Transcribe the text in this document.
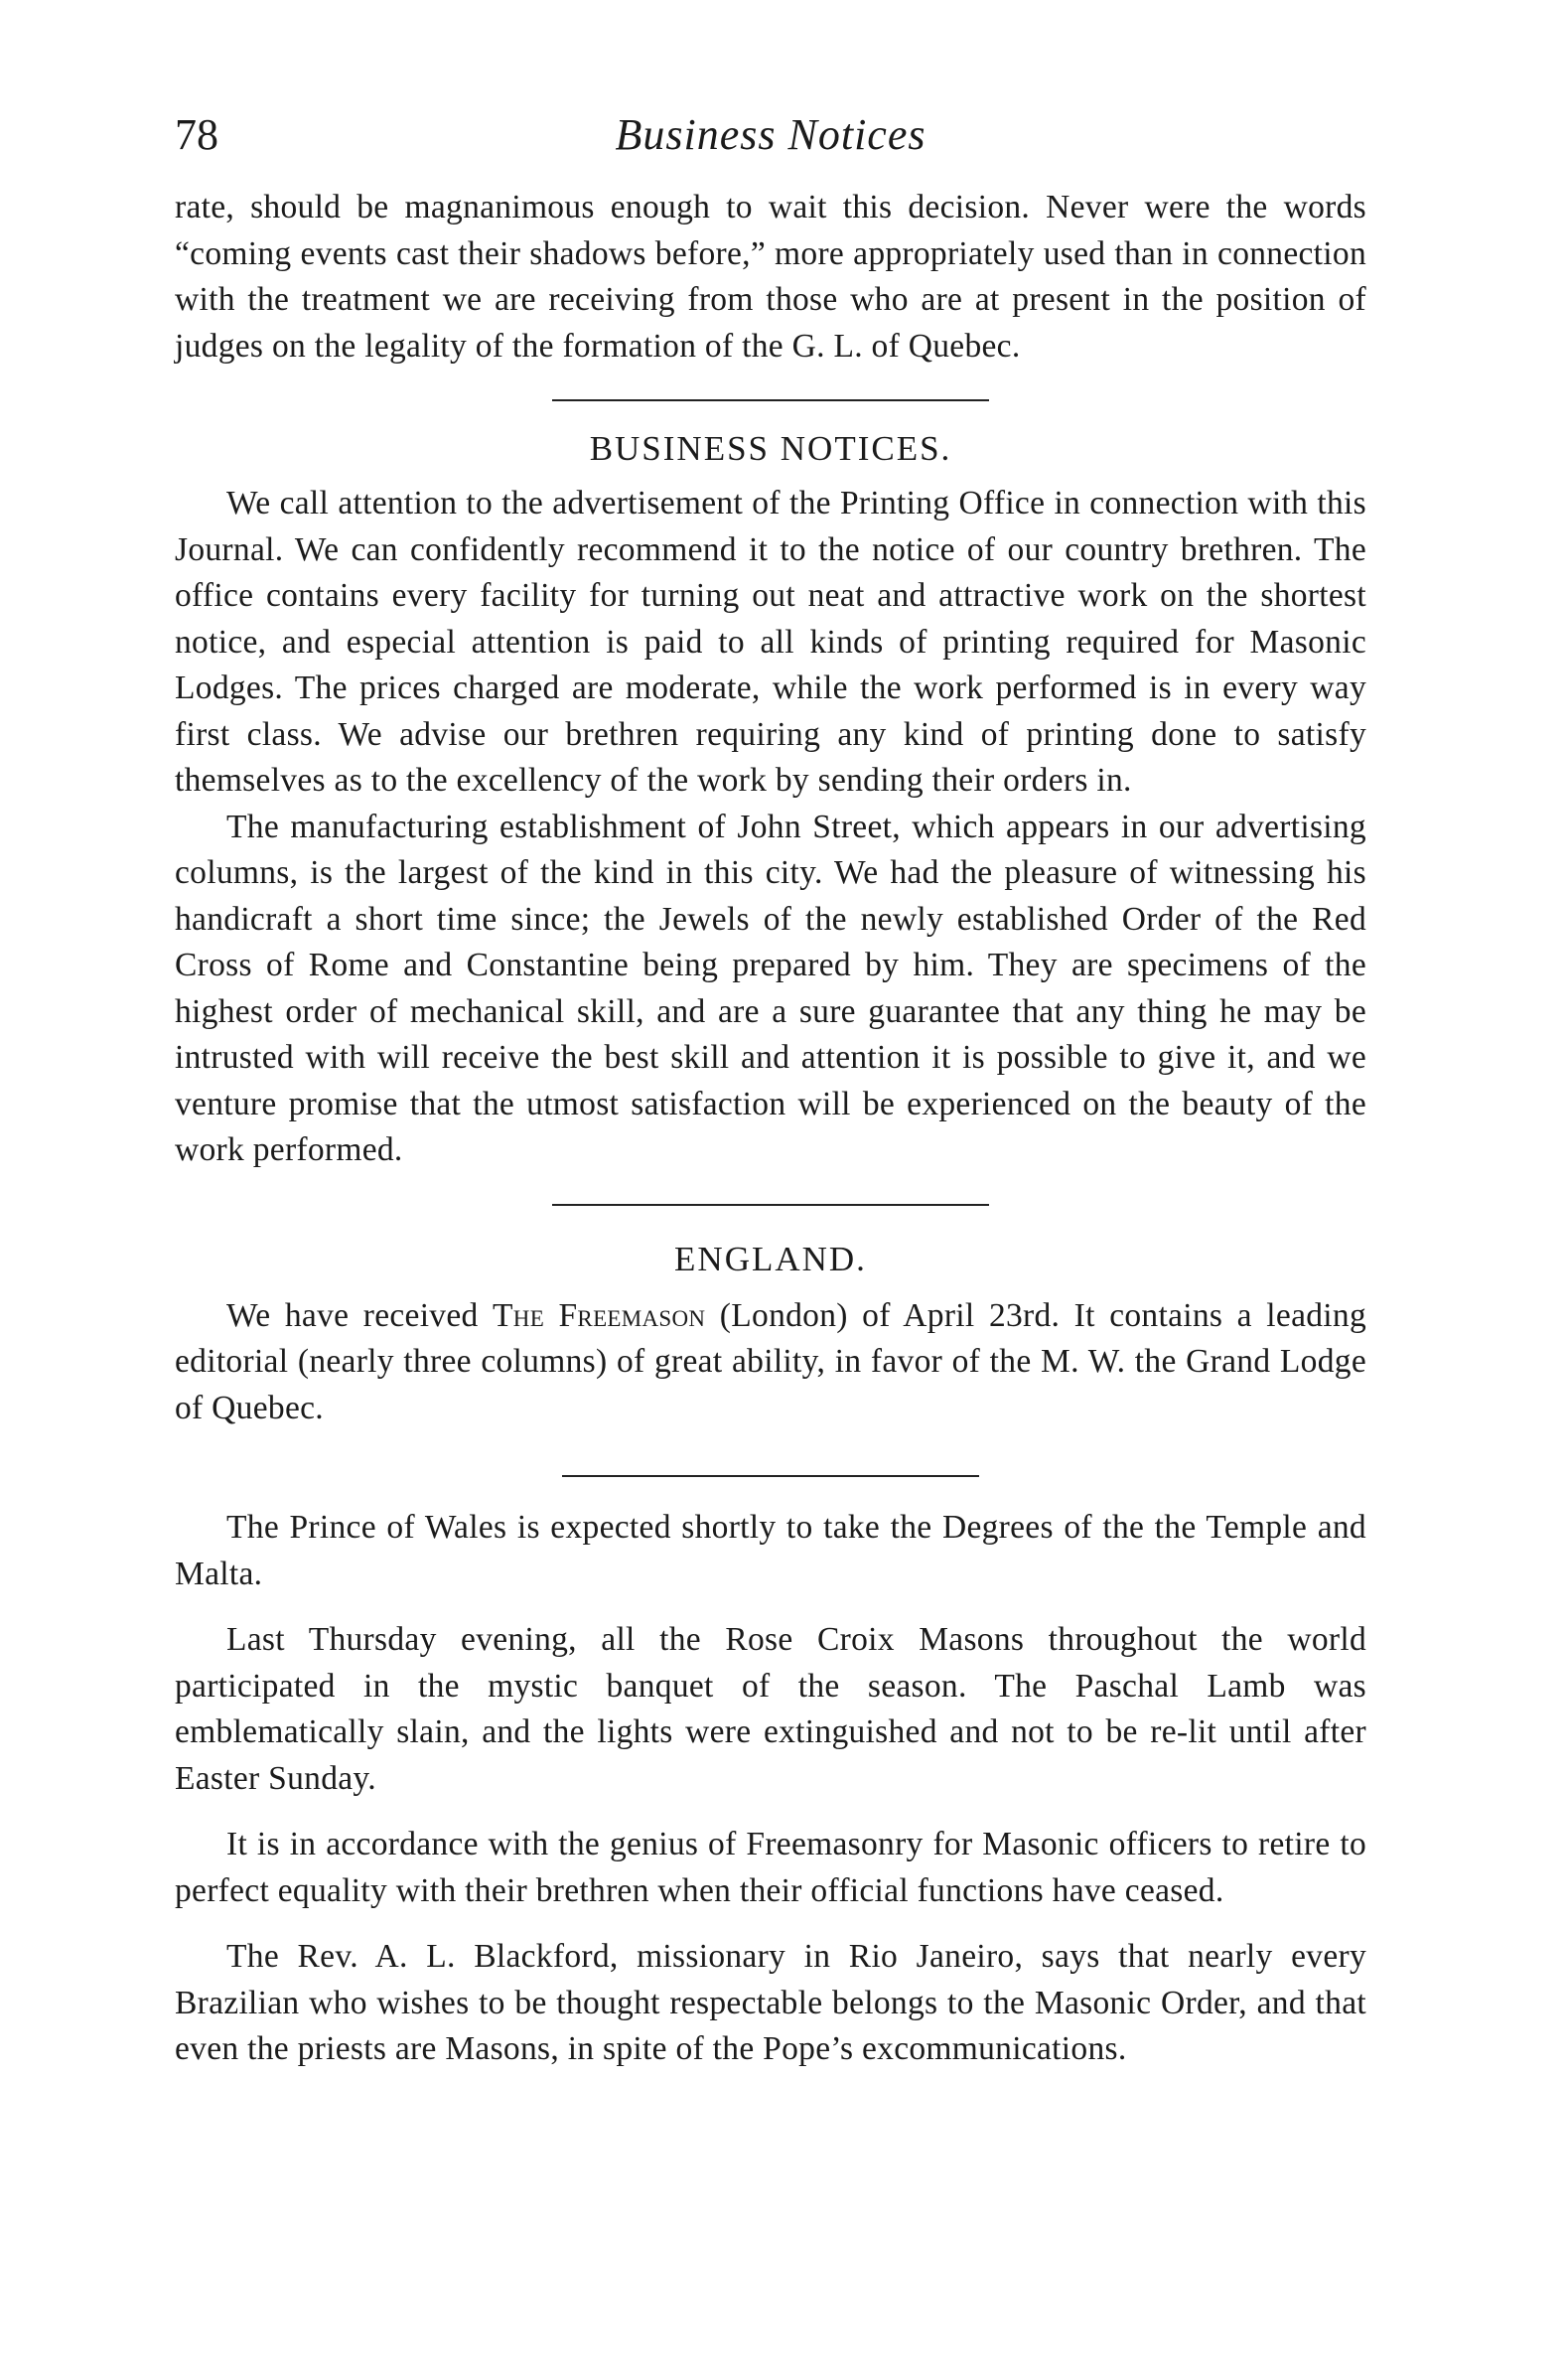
78	Business Notices

rate, should be magnanimous enough to wait this decision. Never were the words “coming events cast their shadows before,” more appropriately used than in connection with the treatment we are receiving from those who are at present in the position of judges on the legality of the formation of the G. L. of Quebec.

BUSINESS NOTICES.

We call attention to the advertisement of the Printing Office in connection with this Journal. We can confidently recommend it to the notice of our country brethren. The office contains every facility for turning out neat and attractive work on the shortest notice, and especial attention is paid to all kinds of printing required for Masonic Lodges. The prices charged are moderate, while the work performed is in every way first class. We advise our brethren requiring any kind of printing done to satisfy themselves as to the excellency of the work by sending their orders in.

The manufacturing establishment of John Street, which appears in our advertising columns, is the largest of the kind in this city. We had the pleasure of witnessing his handicraft a short time since; the Jewels of the newly established Order of the Red Cross of Rome and Constantine being prepared by him. They are specimens of the highest order of mechanical skill, and are a sure guarantee that any thing he may be intrusted with will receive the best skill and attention it is possible to give it, and we venture promise that the utmost satisfaction will be experienced on the beauty of the work performed.

ENGLAND.

We have received The Freemason (London) of April 23rd. It contains a leading editorial (nearly three columns) of great ability, in favor of the M. W. the Grand Lodge of Quebec.

The Prince of Wales is expected shortly to take the Degrees of the the Temple and Malta.

Last Thursday evening, all the Rose Croix Masons throughout the world participated in the mystic banquet of the season. The Paschal Lamb was emblematically slain, and the lights were extinguished and not to be re-lit until after Easter Sunday.

It is in accordance with the genius of Freemasonry for Masonic officers to retire to perfect equality with their brethren when their official functions have ceased.

The Rev. A. L. Blackford, missionary in Rio Janeiro, says that nearly every Brazilian who wishes to be thought respectable belongs to the Masonic Order, and that even the priests are Masons, in spite of the Pope’s excommunications.
